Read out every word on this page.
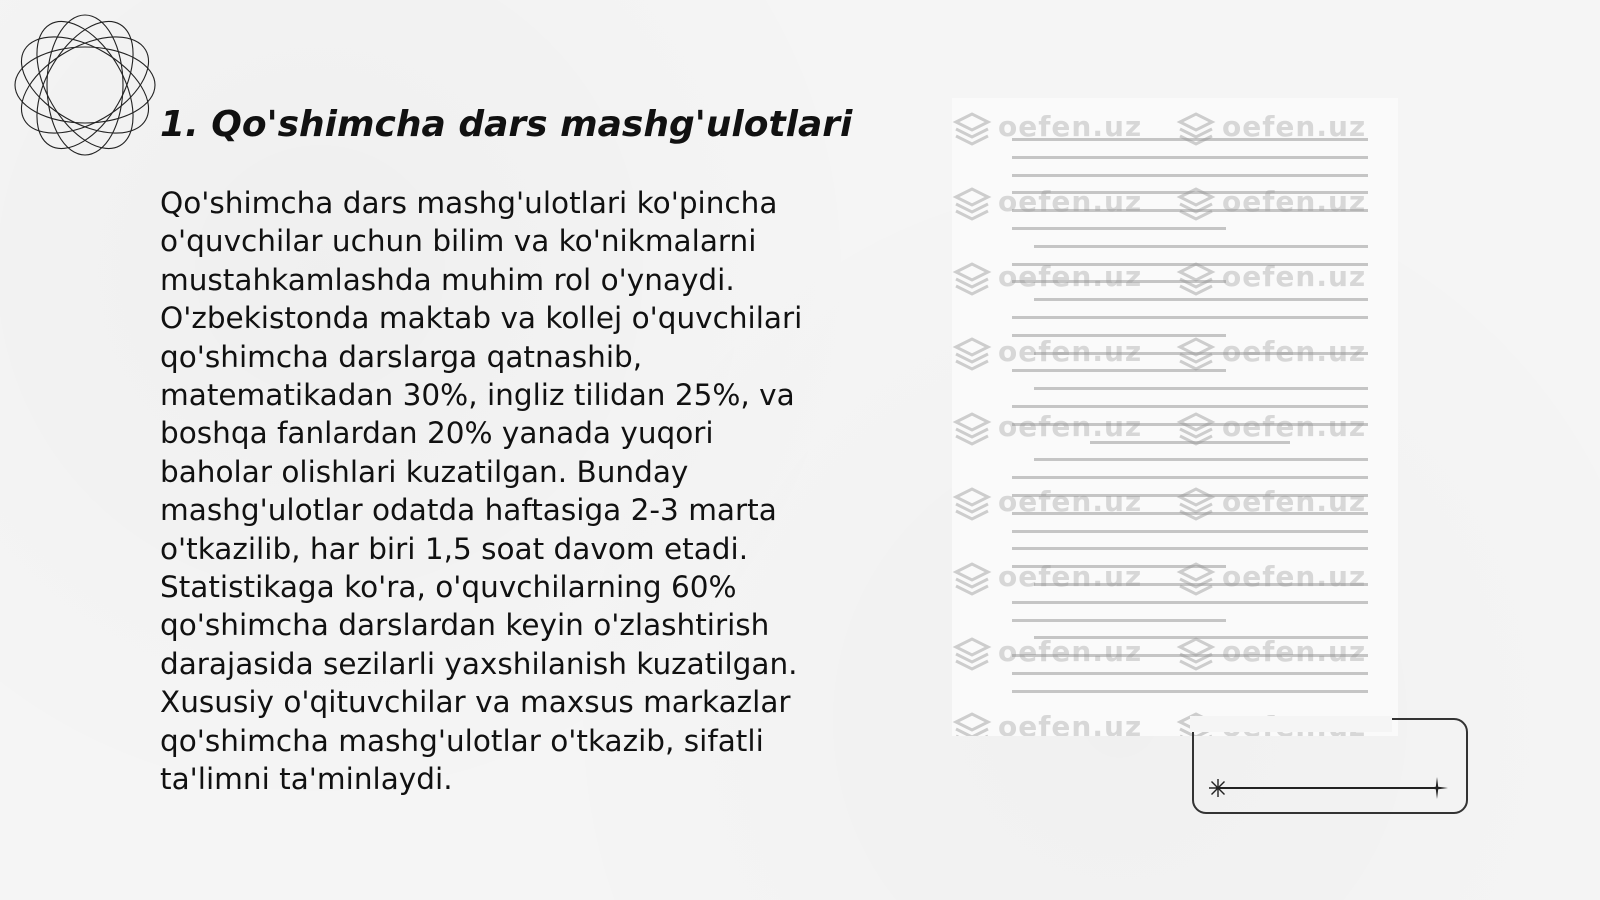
1. Qo'shimcha dars mashg'ulotlari

Qo'shimcha dars mashg'ulotlari ko'pincha o'quvchilar uchun bilim va ko'nikmalarni mustahkamlashda muhim rol o'ynaydi. O'zbekistonda maktab va kollej o'quvchilari qo'shimcha darslarga qatnashib, matematikadan 30%, ingliz tilidan 25%, va boshqa fanlardan 20% yanada yuqori baholar olishlari kuzatilgan. Bunday mashg'ulotlar odatda haftasiga 2-3 marta o'tkazilib, har biri 1,5 soat davom etadi. Statistikaga ko'ra, o'quvchilarning 60% qo'shimcha darslardan keyin o'zlashtirish darajasida sezilarli yaxshilanish kuzatilgan. Xususiy o'qituvchilar va maxsus markazlar qo'shimcha mashg'ulotlar o'tkazib, sifatli ta'limni ta'minlaydi.

oefen.uz	oefen.uz
oefen.uz	oefen.uz
oefen.uz	oefen.uz
oefen.uz	oefen.uz
oefen.uz	oefen.uz
oefen.uz	oefen.uz
oefen.uz	oefen.uz
oefen.uz	oefen.uz
oefen.uz
